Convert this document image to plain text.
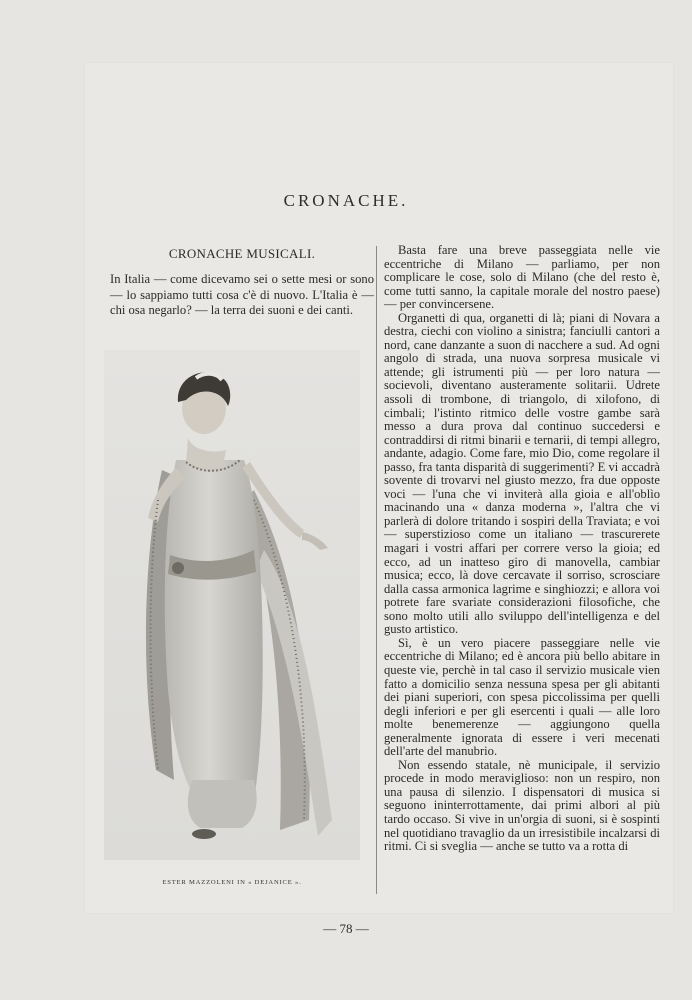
CRONACHE.
CRONACHE MUSICALI.

In Italia — come dicevamo sei o sette mesi or sono — lo sappiamo tutti cosa c'è di nuovo. L'Italia è — chi osa negarlo? — la terra dei suoni e dei canti.

ESTER MAZZOLENI IN « DEJANICE ».

Basta fare una breve passeggiata nelle vie eccentriche di Milano — parliamo, per non complicare le cose, solo di Milano (che del resto è, come tutti sanno, la capitale morale del nostro paese) — per convincersene.

Organetti di qua, organetti di là; piani di Novara a destra, ciechi con violino a sinistra; fanciulli cantori a nord, cane danzante a suon di nacchere a sud. Ad ogni angolo di strada, una nuova sorpresa musicale vi attende; gli istrumenti più — per loro natura — socievoli, diventano austeramente solitarii. Udrete assoli di trombone, di triangolo, di xilofono, di cimbali; l'istinto ritmico delle vostre gambe sarà messo a dura prova dal continuo succedersi e contraddirsi di ritmi binarii e ternarii, di tempi allegro, andante, adagio. Come fare, mio Dio, come regolare il passo, fra tanta disparità di suggerimenti? E vi accadrà sovente di trovarvi nel giusto mezzo, fra due opposte voci — l'una che vi inviterà alla gioia e all'oblìo macinando una « danza moderna », l'altra che vi parlerà di dolore tritando i sospiri della Traviata; e voi — superstizioso come un italiano — trascurerete magari i vostri affari per correre verso la gioia; ed ecco, ad un inatteso giro di manovella, cambiar musica; ecco, là dove cercavate il sorriso, scrosciare dalla cassa armonica lagrime e singhiozzi; e allora voi potrete fare svariate considerazioni filosofiche, che sono molto utili allo sviluppo dell'intelligenza e del gusto artistico.

Sì, è un vero piacere passeggiare nelle vie eccentriche di Milano; ed è ancora più bello abitare in queste vie, perchè in tal caso il servizio musicale vien fatto a domicilio senza nessuna spesa per gli abitanti dei piani superiori, con spesa piccolissima per quelli degli inferiori e per gli esercenti i quali — alle loro molte benemerenze — aggiungono quella generalmente ignorata di essere i veri mecenati dell'arte del manubrio.

Non essendo statale, nè municipale, il servizio procede in modo meraviglioso: non un respiro, non una pausa di silenzio. I dispensatori di musica si seguono ininterrottamente, dai primi albori al più tardo occaso. Si vive in un'orgia di suoni, si è sospinti nel quotidiano travaglio da un irresistibile incalzarsi di ritmi. Ci si sveglia — anche se tutto va a rotta di

— 78 —
